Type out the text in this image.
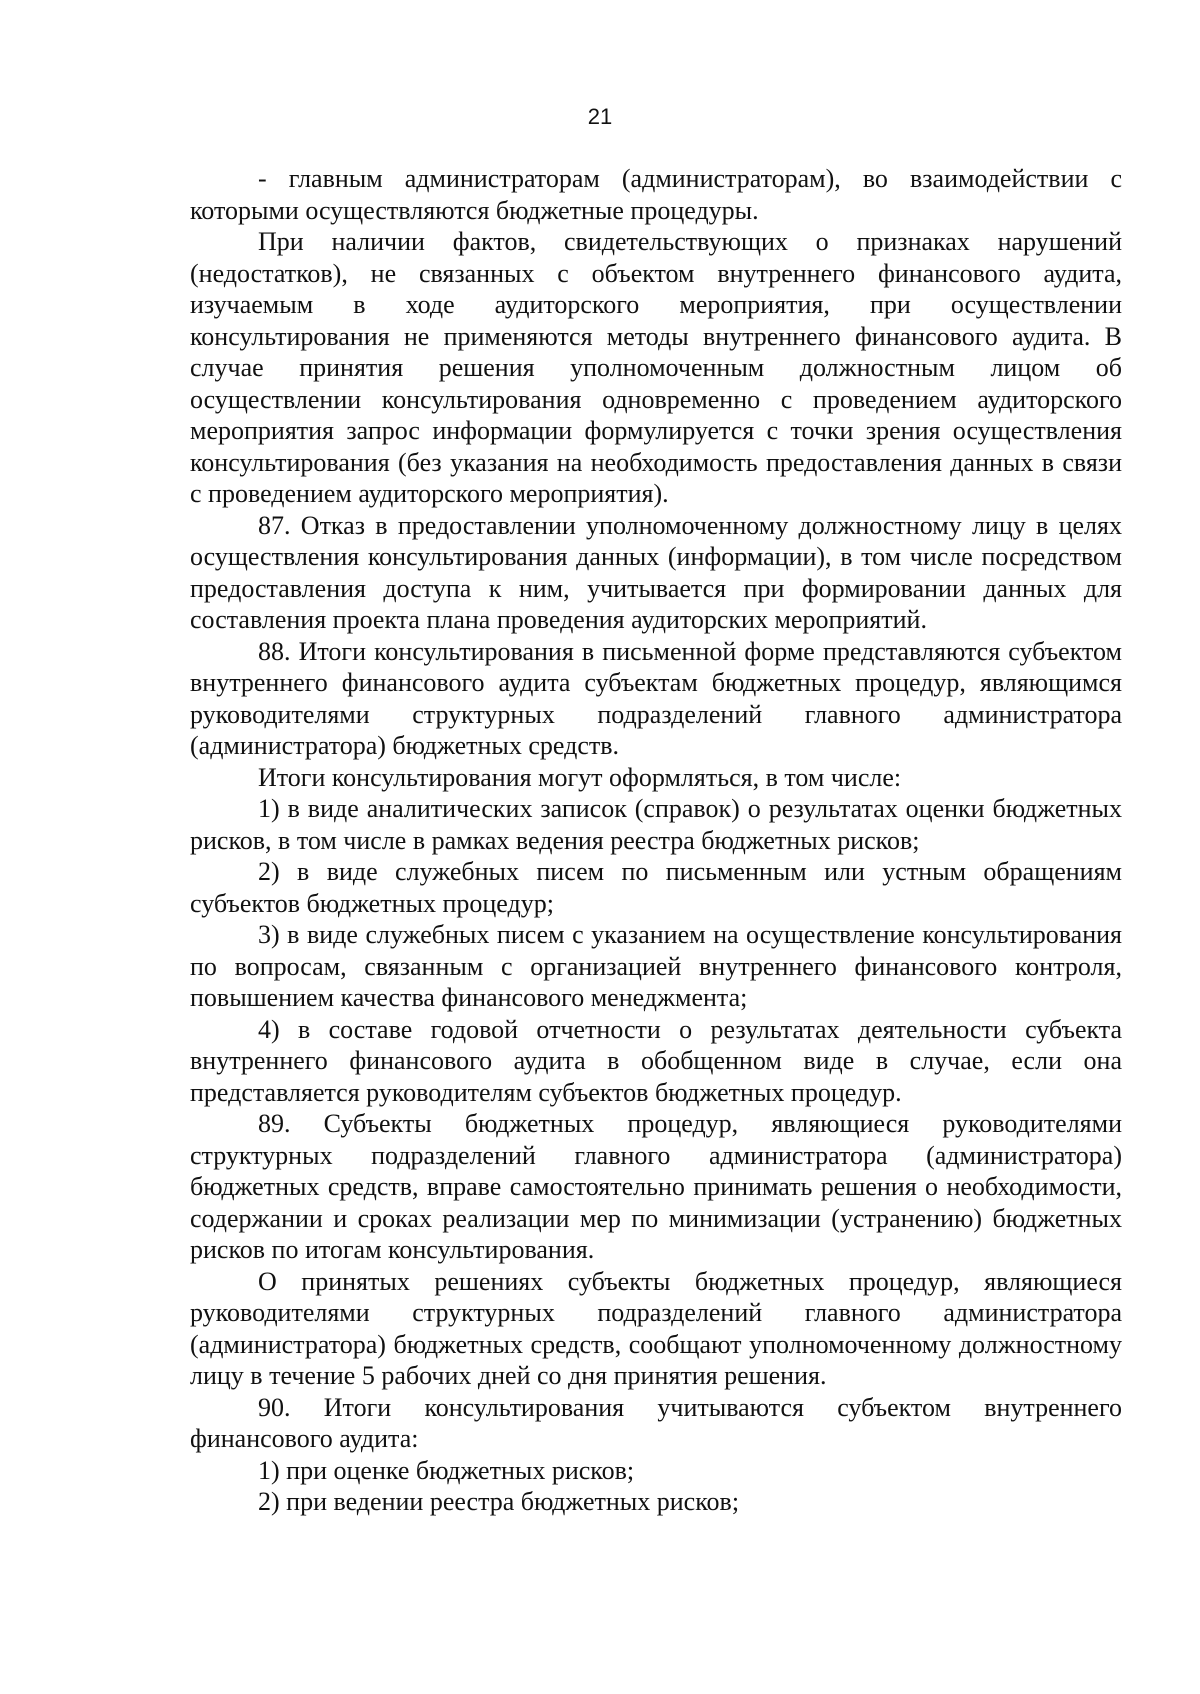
21

- главным администраторам (администраторам), во взаимодействии с которыми осуществляются бюджетные процедуры.

При наличии фактов, свидетельствующих о признаках нарушений (недостатков), не связанных с объектом внутреннего финансового аудита, изучаемым в ходе аудиторского мероприятия, при осуществлении консультирования не применяются методы внутреннего финансового аудита. В случае принятия решения уполномоченным должностным лицом об осуществлении консультирования одновременно с проведением аудиторского мероприятия запрос информации формулируется с точки зрения осуществления консультирования (без указания на необходимость предоставления данных в связи с проведением аудиторского мероприятия).

87. Отказ в предоставлении уполномоченному должностному лицу в целях осуществления консультирования данных (информации), в том числе посредством предоставления доступа к ним, учитывается при формировании данных для составления проекта плана проведения аудиторских мероприятий.

88. Итоги консультирования в письменной форме представляются субъектом внутреннего финансового аудита субъектам бюджетных процедур, являющимся руководителями структурных подразделений главного администратора (администратора) бюджетных средств.

Итоги консультирования могут оформляться, в том числе:

1) в виде аналитических записок (справок) о результатах оценки бюджетных рисков, в том числе в рамках ведения реестра бюджетных рисков;

2) в виде служебных писем по письменным или устным обращениям субъектов бюджетных процедур;

3) в виде служебных писем с указанием на осуществление консультирования по вопросам, связанным с организацией внутреннего финансового контроля, повышением качества финансового менеджмента;

4) в составе годовой отчетности о результатах деятельности субъекта внутреннего финансового аудита в обобщенном виде в случае, если она представляется руководителям субъектов бюджетных процедур.

89. Субъекты бюджетных процедур, являющиеся руководителями структурных подразделений главного администратора (администратора) бюджетных средств, вправе самостоятельно принимать решения о необходимости, содержании и сроках реализации мер по минимизации (устранению) бюджетных рисков по итогам консультирования.

О принятых решениях субъекты бюджетных процедур, являющиеся руководителями структурных подразделений главного администратора (администратора) бюджетных средств, сообщают уполномоченному должностному лицу в течение 5 рабочих дней со дня принятия решения.

90. Итоги консультирования учитываются субъектом внутреннего финансового аудита:

1) при оценке бюджетных рисков;

2) при ведении реестра бюджетных рисков;
